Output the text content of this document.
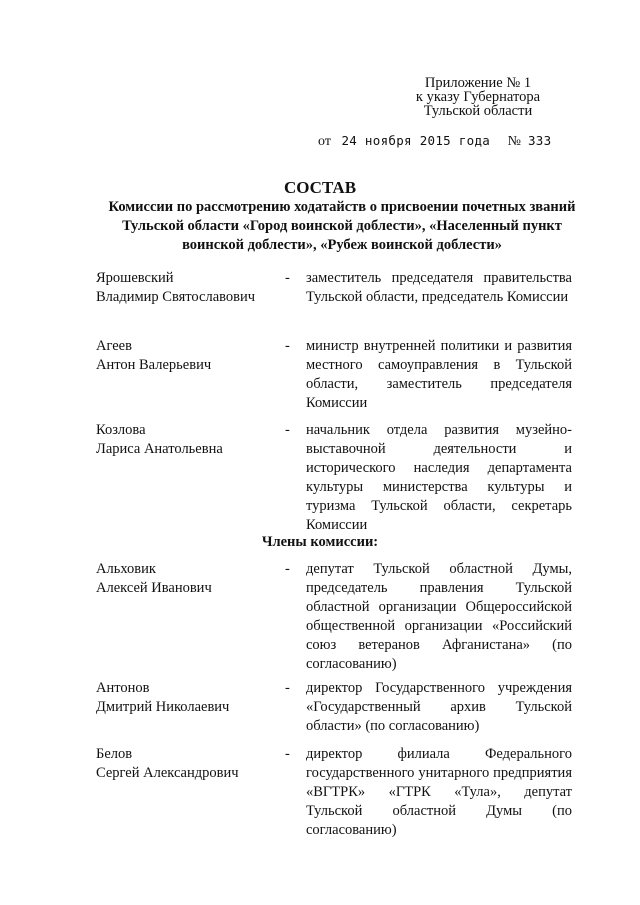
Приложение № 1
к указу Губернатора
Тульской области
от 24 ноября 2015 года № 333
СОСТАВ
Комиссии по рассмотрению ходатайств о присвоении почетных званий
Тульской области «Город воинской доблести», «Населенный пункт
воинской доблести», «Рубеж воинской доблести»
Ярошевский
Владимир Святославович
- заместитель председателя правительства Тульской области, председатель Комиссии
Агеев
Антон Валерьевич
- министр внутренней политики и развития местного самоуправления в Тульской области, заместитель председателя Комиссии
Козлова
Лариса Анатольевна
- начальник отдела развития музейно-выставочной деятельности и исторического наследия департамента культуры министерства культуры и туризма Тульской области, секретарь Комиссии
Члены комиссии:
Альховик
Алексей Иванович
- депутат Тульской областной Думы, председатель правления Тульской областной организации Общероссийской общественной организации «Российский союз ветеранов Афганистана» (по согласованию)
Антонов
Дмитрий Николаевич
- директор Государственного учреждения «Государственный архив Тульской области» (по согласованию)
Белов
Сергей Александрович
- директор филиала Федерального государственного унитарного предприятия «ВГТРК» «ГТРК «Тула», депутат Тульской областной Думы (по согласованию)
